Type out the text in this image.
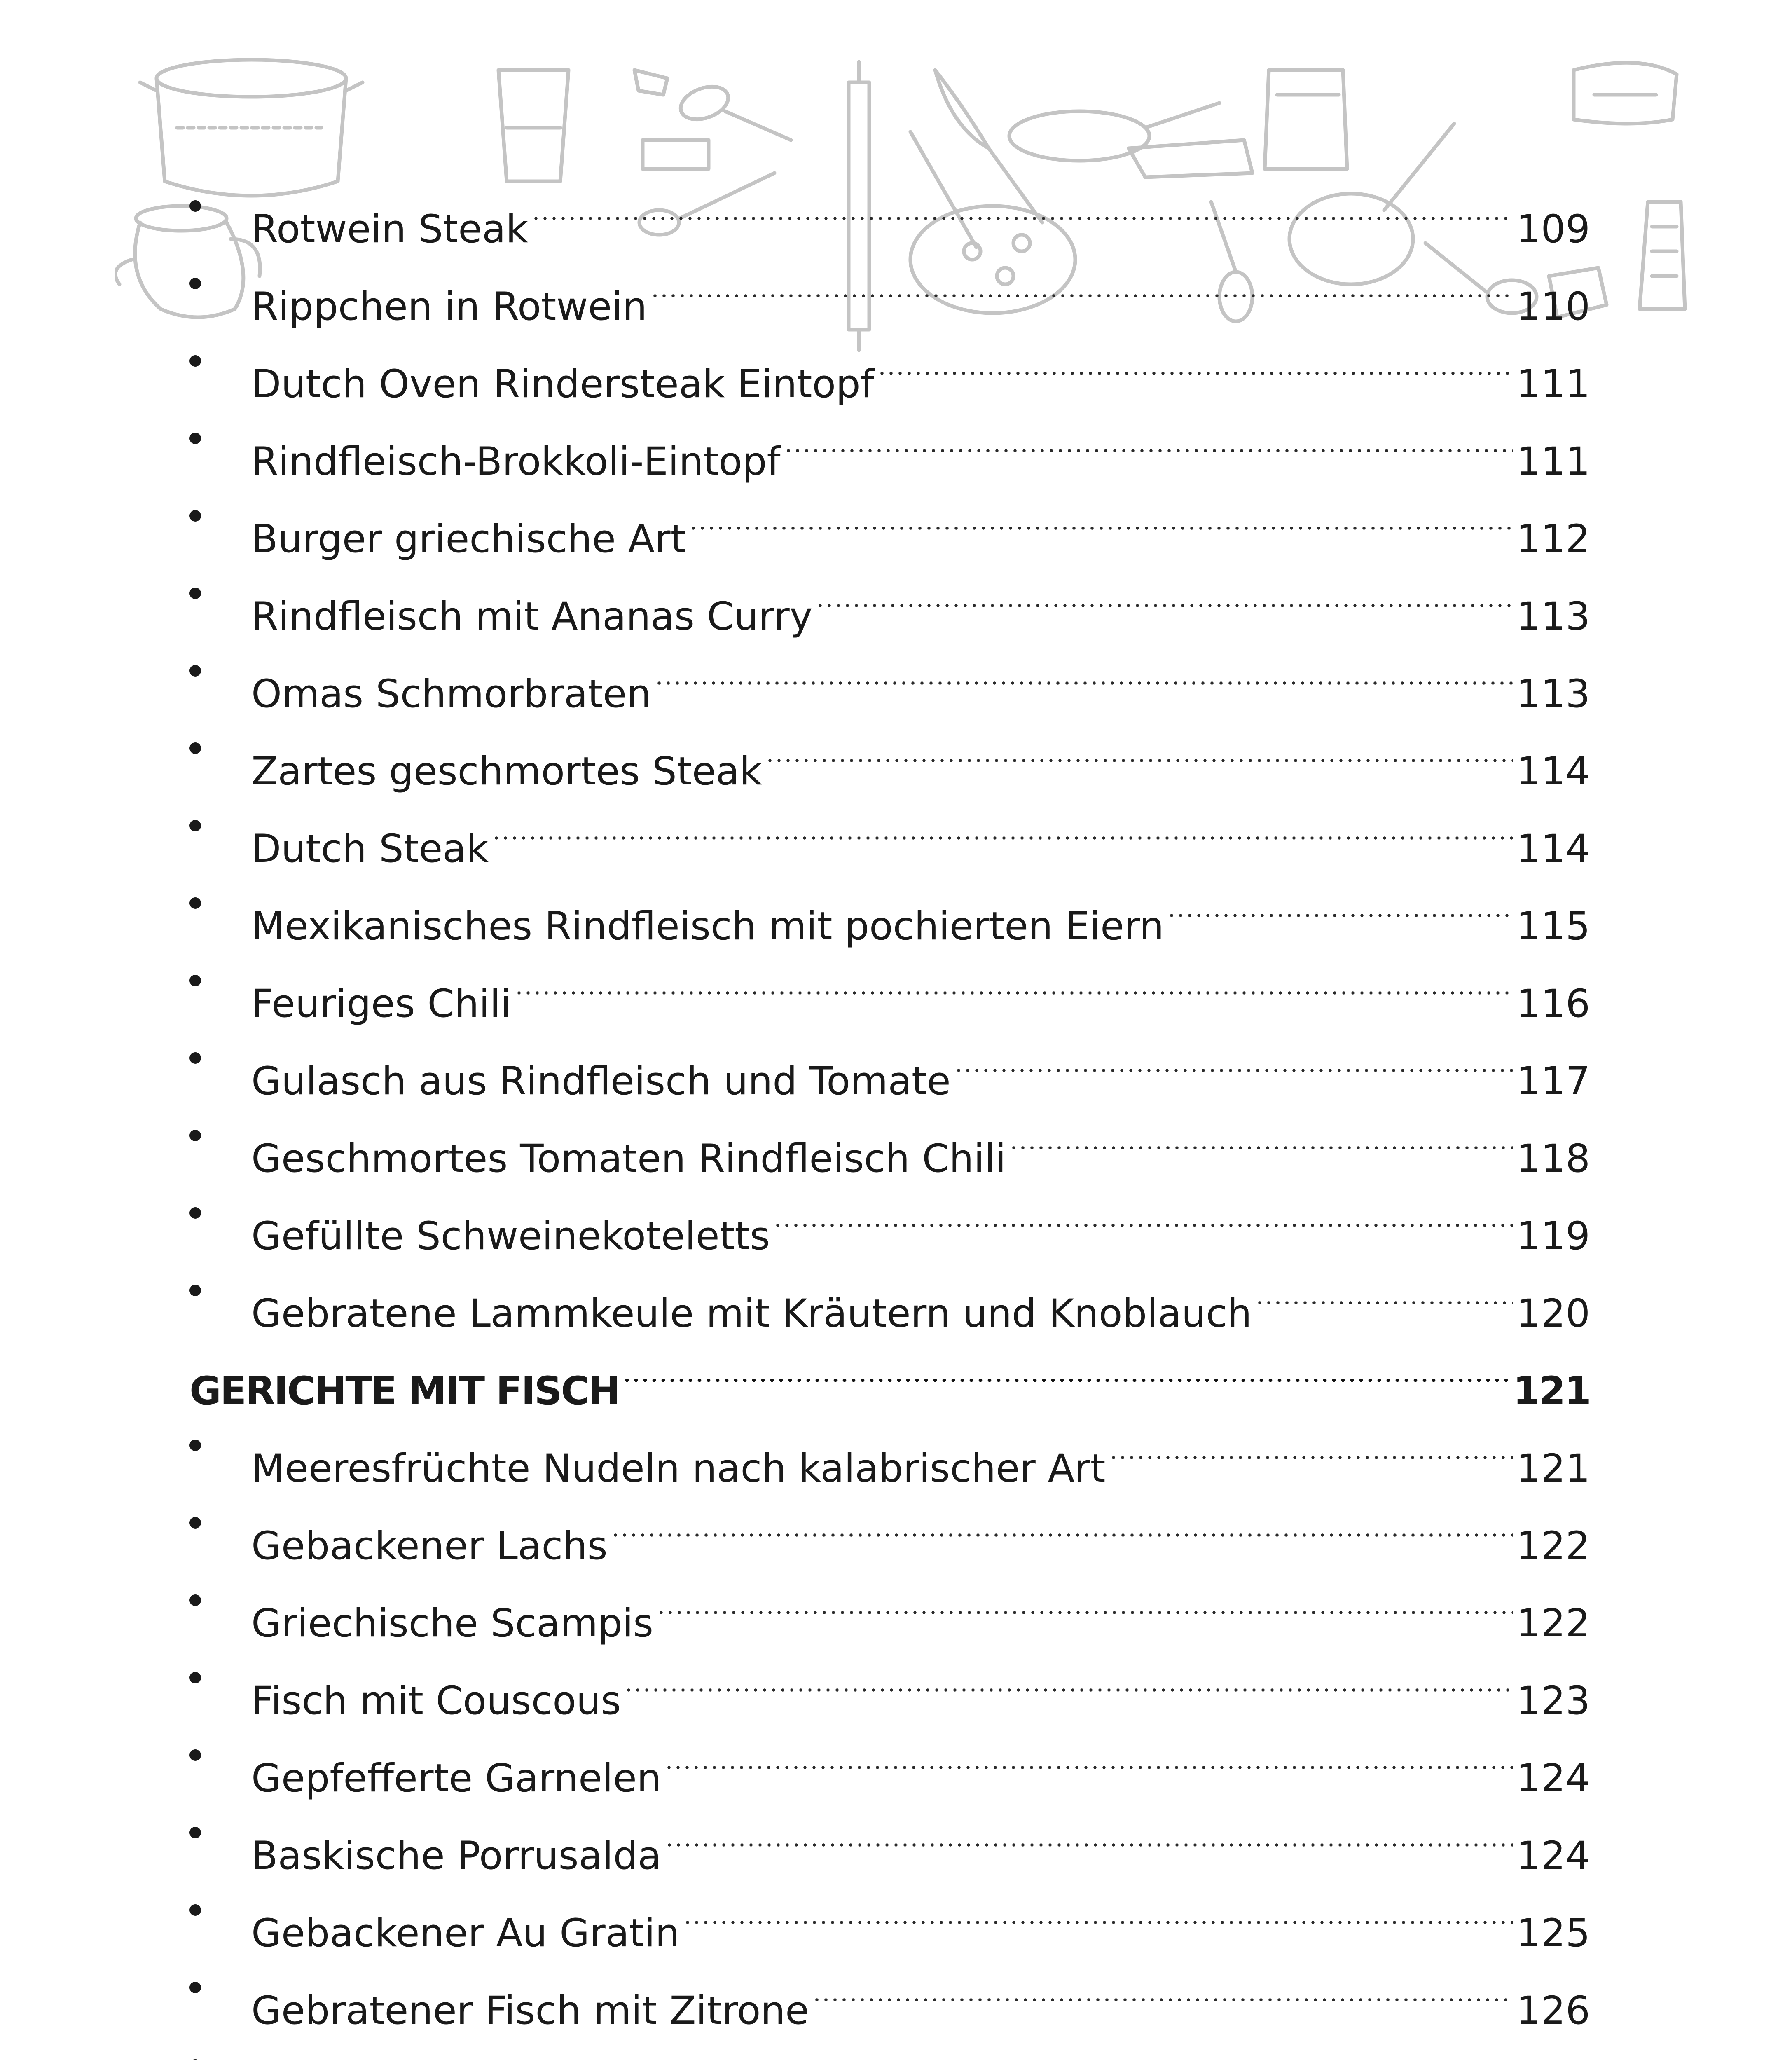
Rotwein Steak	109
Rippchen in Rotwein	110
Dutch Oven Rindersteak Eintopf	111
Rindfleisch-Brokkoli-Eintopf	111
Burger griechische Art	112
Rindfleisch mit Ananas Curry	113
Omas Schmorbraten	113
Zartes geschmortes Steak	114
Dutch Steak	114
Mexikanisches Rindfleisch mit pochierten Eiern	115
Feuriges Chili	116
Gulasch aus Rindfleisch und Tomate	117
Geschmortes Tomaten Rindfleisch Chili	118
Gefüllte Schweinekoteletts	119
Gebratene Lammkeule mit Kräutern und Knoblauch	120
GERICHTE MIT FISCH	121
Meeresfrüchte Nudeln nach kalabrischer Art	121
Gebackener Lachs	122
Griechische Scampis	122
Fisch mit Couscous	123
Gepfefferte Garnelen	124
Baskische Porrusalda	124
Gebackener Au Gratin	125
Gebratener Fisch mit Zitrone	126
